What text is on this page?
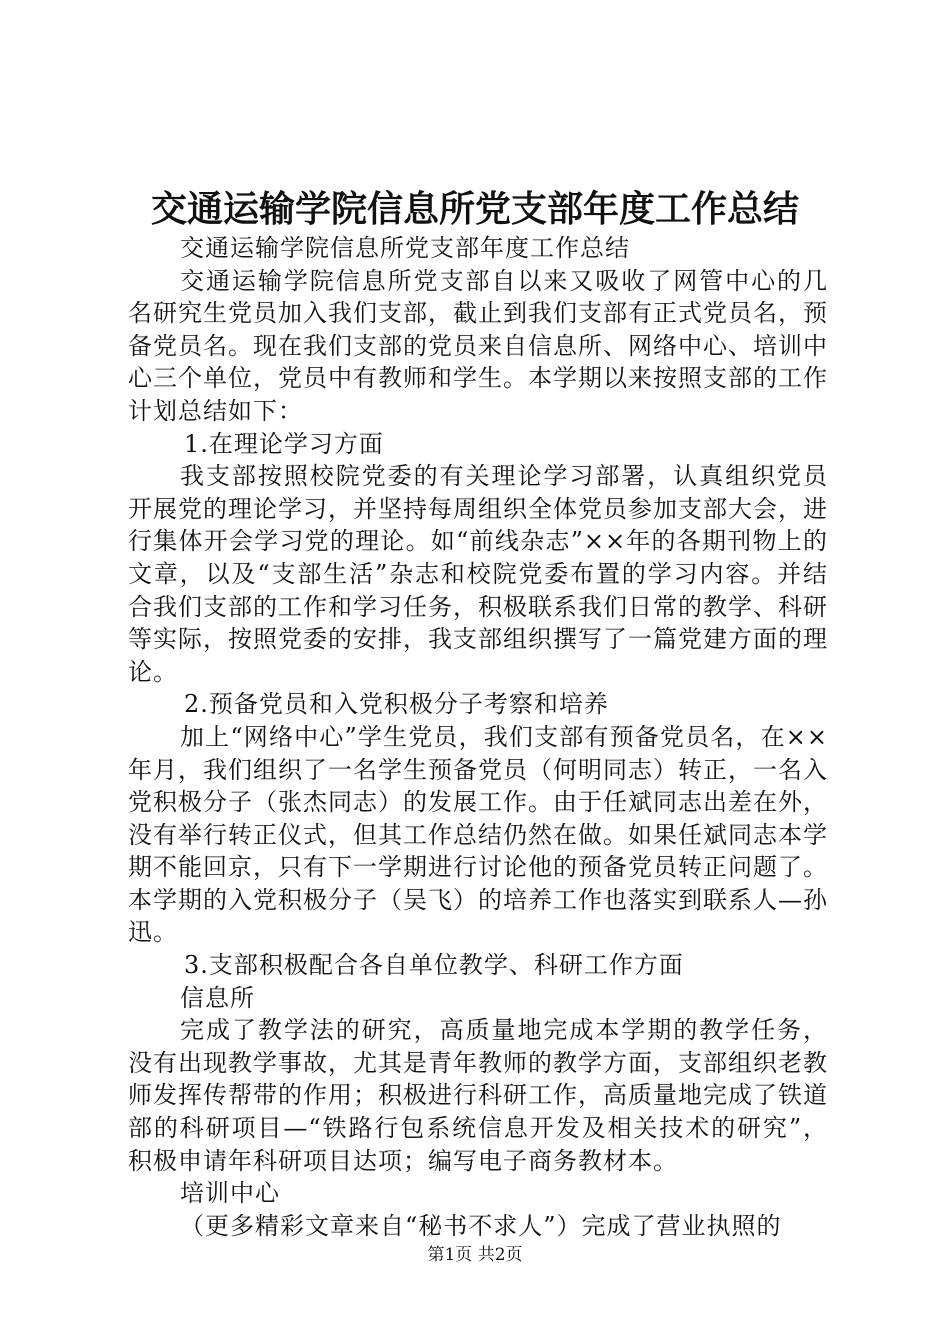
交通运输学院信息所党支部年度工作总结

交通运输学院信息所党支部年度工作总结

交通运输学院信息所党支部自以来又吸收了网管中心的几名研究生党员加入我们支部，截止到我们支部有正式党员名，预备党员名。现在我们支部的党员来自信息所、网络中心、培训中心三个单位，党员中有教师和学生。本学期以来按照支部的工作计划总结如下：

1.在理论学习方面

我支部按照校院党委的有关理论学习部署，认真组织党员开展党的理论学习，并坚持每周组织全体党员参加支部大会，进行集体开会学习党的理论。如“前线杂志”××年的各期刊物上的文章，以及“支部生活”杂志和校院党委布置的学习内容。并结合我们支部的工作和学习任务，积极联系我们日常的教学、科研等实际，按照党委的安排，我支部组织撰写了一篇党建方面的理论。

2.预备党员和入党积极分子考察和培养

加上“网络中心”学生党员，我们支部有预备党员名，在××年月，我们组织了一名学生预备党员（何明同志）转正，一名入党积极分子（张杰同志）的发展工作。由于任斌同志出差在外，没有举行转正仪式，但其工作总结仍然在做。如果任斌同志本学期不能回京，只有下一学期进行讨论他的预备党员转正问题了。本学期的入党积极分子（吴飞）的培养工作也落实到联系人—孙迅。

3.支部积极配合各自单位教学、科研工作方面

信息所

完成了教学法的研究，高质量地完成本学期的教学任务，没有出现教学事故，尤其是青年教师的教学方面，支部组织老教师发挥传帮带的作用；积极进行科研工作，高质量地完成了铁道部的科研项目—“铁路行包系统信息开发及相关技术的研究”，积极申请年科研项目达项；编写电子商务教材本。

培训中心

（更多精彩文章来自“秘书不求人”）完成了营业执照的

第1页 共2页
